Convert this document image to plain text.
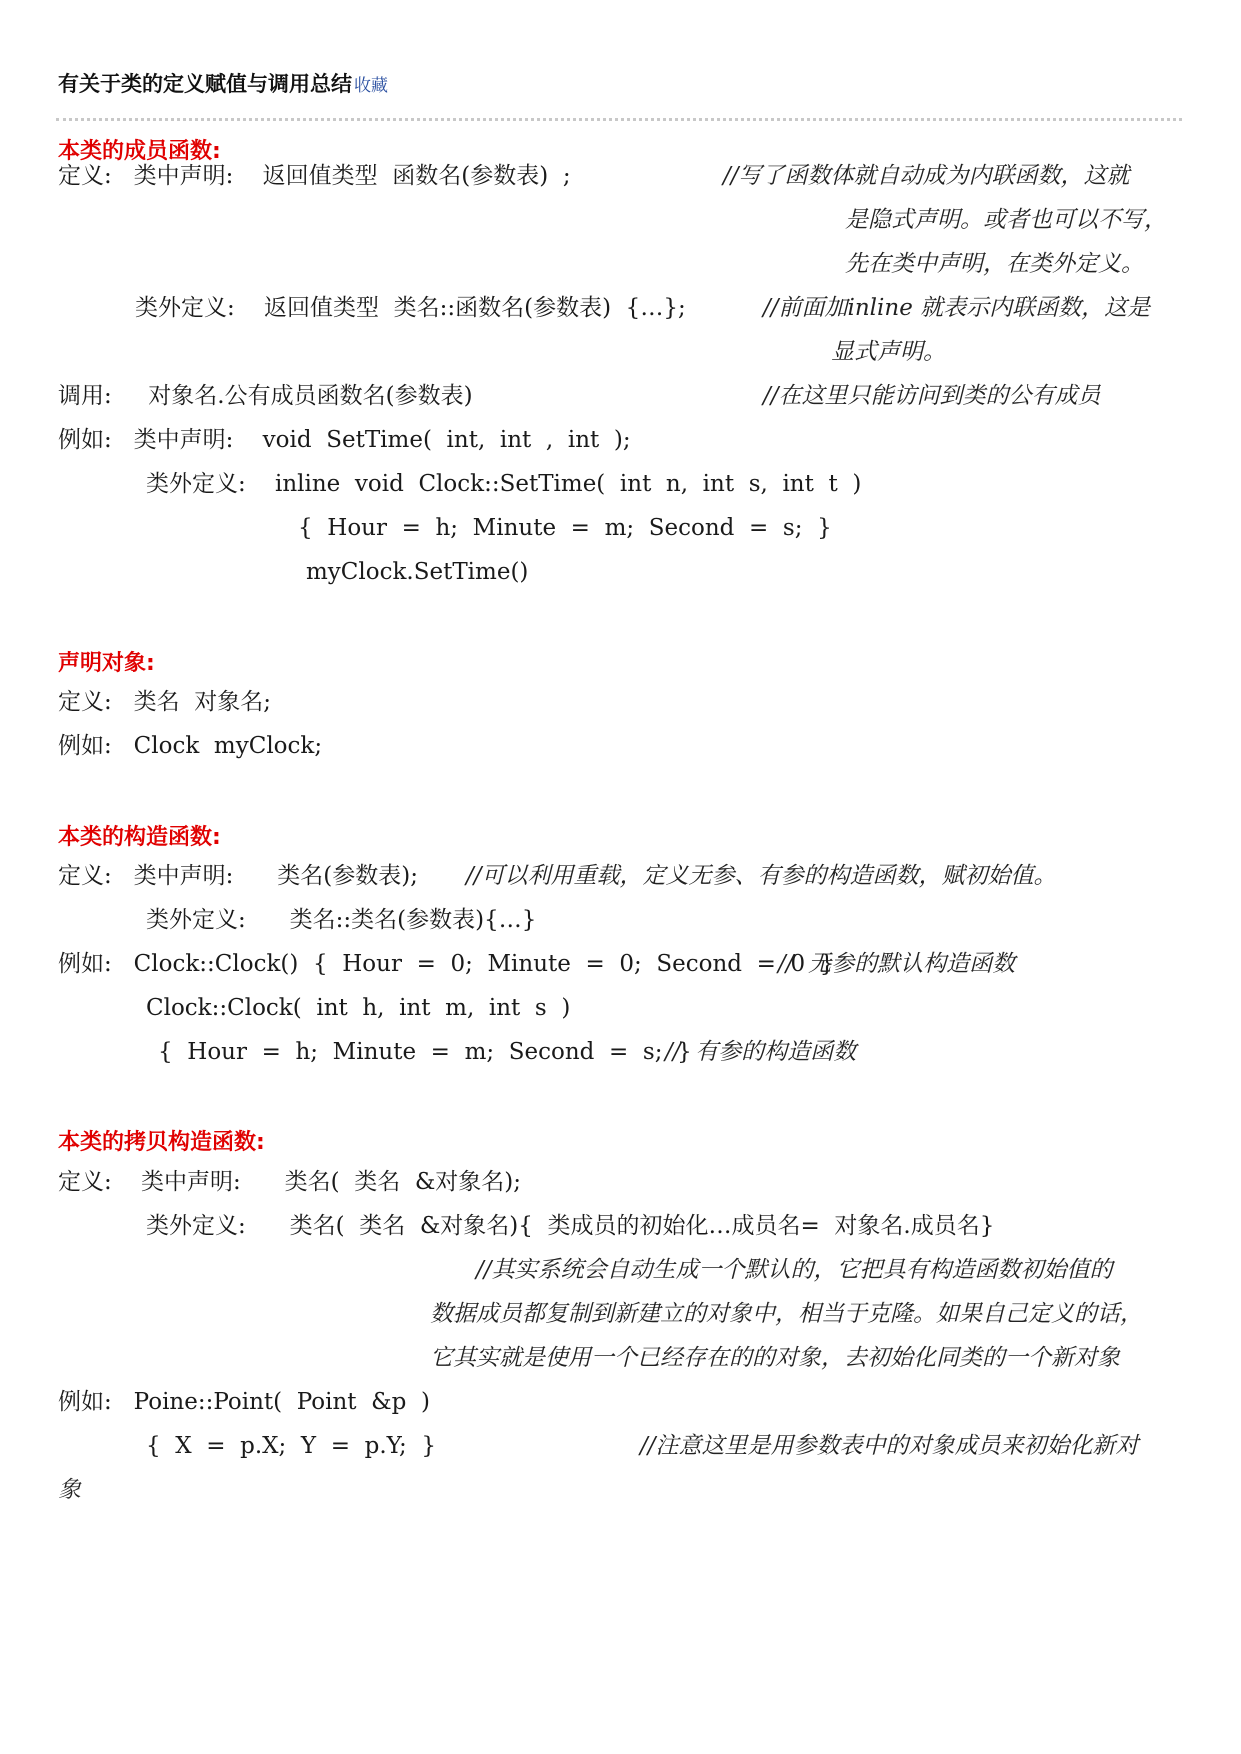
有关于类的定义赋值与调用总结 收藏
本类的成员函数:
定义:   类中声明:    返回值类型  函数名(参数表)  ;	//写了函数体就自动成为内联函数，这就
是隐式声明。或者也可以不写，
先在类中声明，在类外定义。
类外定义:    返回值类型  类名::函数名(参数表)  {…};	//前面加inline 就表示内联函数，这是
显式声明。
调用:     对象名.公有成员函数名(参数表)	//在这里只能访问到类的公有成员
例如:   类中声明:    void  SetTime(  int,  int  ,  int  );
类外定义:    inline  void  Clock::SetTime(  int  n,  int  s,  int  t  )
{  Hour  =  h;  Minute  =  m;  Second  =  s;  }
myClock.SetTime()
声明对象:
定义:   类名  对象名;
例如:   Clock  myClock;
本类的构造函数:
定义:   类中声明:      类名(参数表); //可以利用重载，定义无参、有参的构造函数，赋初始值。
类外定义:      类名::类名(参数表){…}
例如:   Clock::Clock()  {  Hour  =  0;  Minute  =  0;  Second  =  0  }
//  无参的默认构造函数
Clock::Clock(  int  h,  int  m,  int  s  )
{  Hour  =  h;  Minute  =  m;  Second  =  s;  }
//  有参的构造函数
本类的拷贝构造函数:
定义:    类中声明:      类名(  类名  &对象名);
类外定义:      类名(  类名  &对象名){  类成员的初始化…成员名=  对象名.成员名}
//其实系统会自动生成一个默认的，它把具有构造函数初始值的
数据成员都复制到新建立的对象中，相当于克隆。如果自己定义的话，
它其实就是使用一个已经存在的的对象，去初始化同类的一个新对象
例如:   Poine::Point(  Point  &p  )
{  X  =  p.X;  Y  =  p.Y;  }	//注意这里是用参数表中的对象成员来初始化新对
象
